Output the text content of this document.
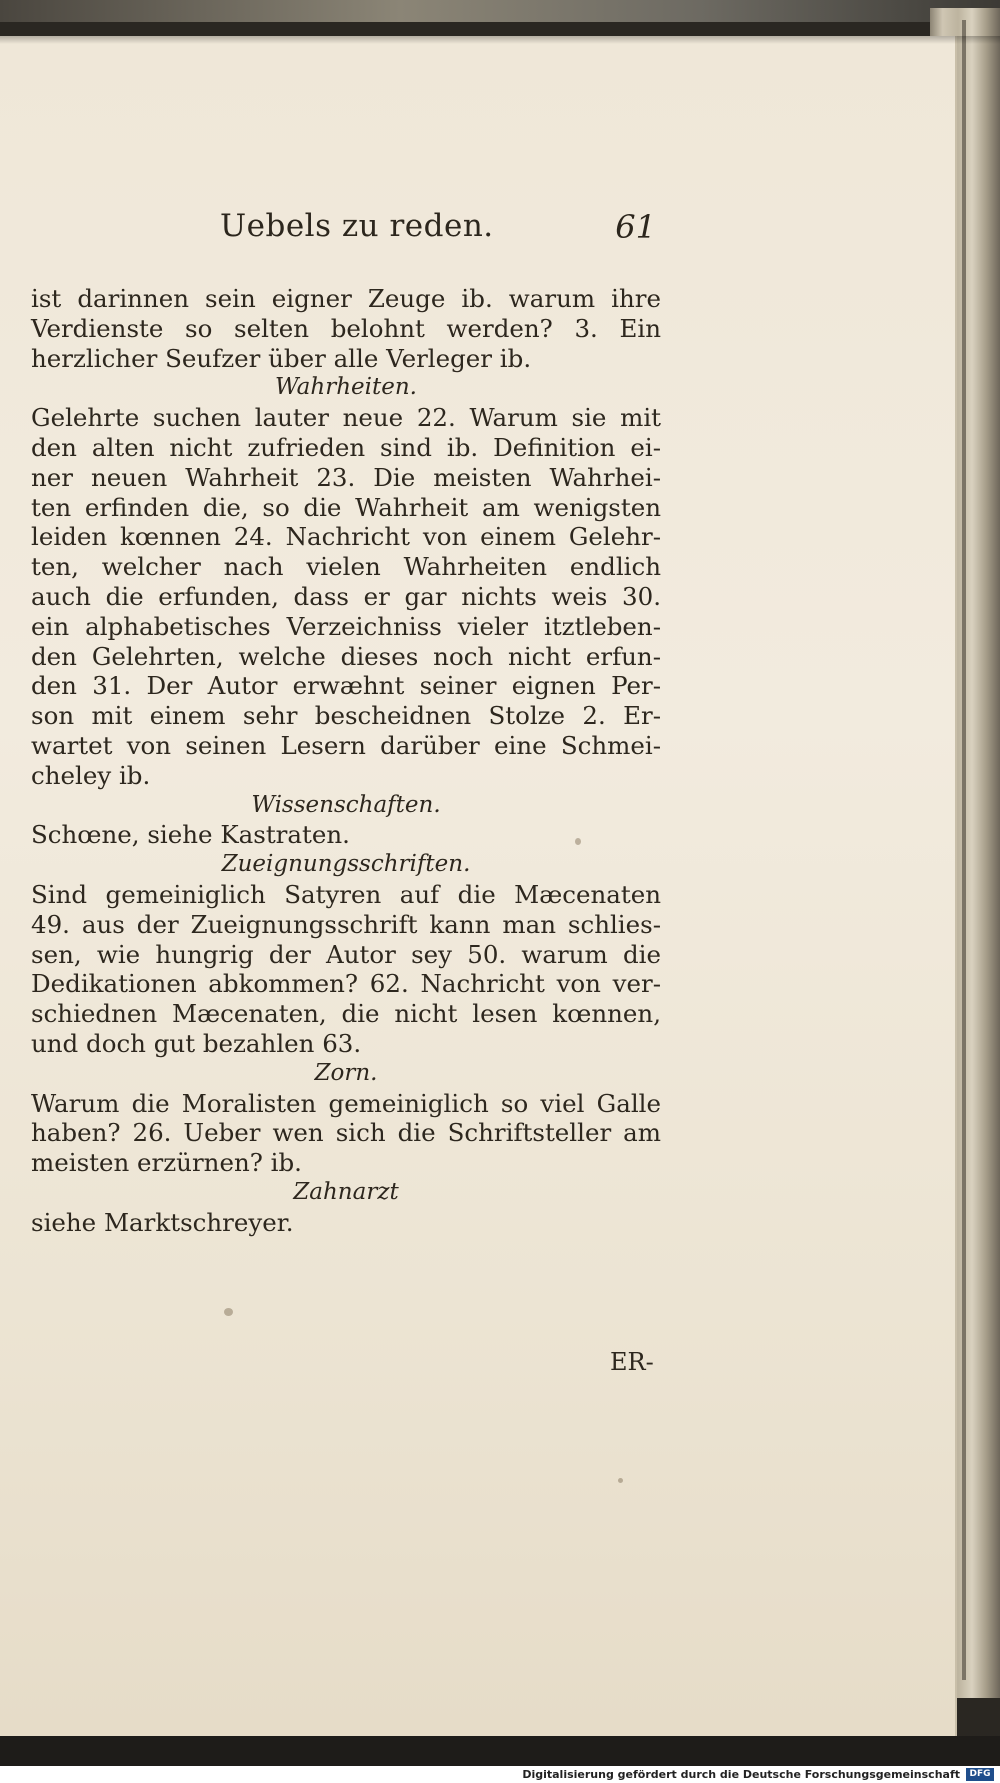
Uebels zu reden.	61
ist darinnen sein eigner Zeuge ib. warum ihre
Verdienste so selten belohnt werden? 3. Ein
herzlicher Seufzer über alle Verleger ib.
Wahrheiten.
Gelehrte suchen lauter neue 22. Warum sie mit
den alten nicht zufrieden sind ib. Definition ei-
ner neuen Wahrheit 23. Die meisten Wahrhei-
ten erfinden die, so die Wahrheit am wenigsten
leiden kœnnen 24. Nachricht von einem Gelehr-
ten, welcher nach vielen Wahrheiten endlich
auch die erfunden, dass er gar nichts weis 30.
ein alphabetisches Verzeichniss vieler itztleben-
den Gelehrten, welche dieses noch nicht erfun-
den 31. Der Autor erwæhnt seiner eignen Per-
son mit einem sehr bescheidnen Stolze 2. Er-
wartet von seinen Lesern darüber eine Schmei-
cheley ib.
Wissenschaften.
Schœne, siehe Kastraten.
Zueignungsschriften.
Sind gemeiniglich Satyren auf die Mæcenaten
49. aus der Zueignungsschrift kann man schlies-
sen, wie hungrig der Autor sey 50. warum die
Dedikationen abkommen? 62. Nachricht von ver-
schiednen Mæcenaten, die nicht lesen kœnnen,
und doch gut bezahlen 63.
Zorn.
Warum die Moralisten gemeiniglich so viel Galle
haben? 26. Ueber wen sich die Schriftsteller am
meisten erzürnen? ib.
Zahnarzt
siehe Marktschreyer.
ER-
Digitalisierung gefördert durch die Deutsche Forschungsgemeinschaft	DFG
